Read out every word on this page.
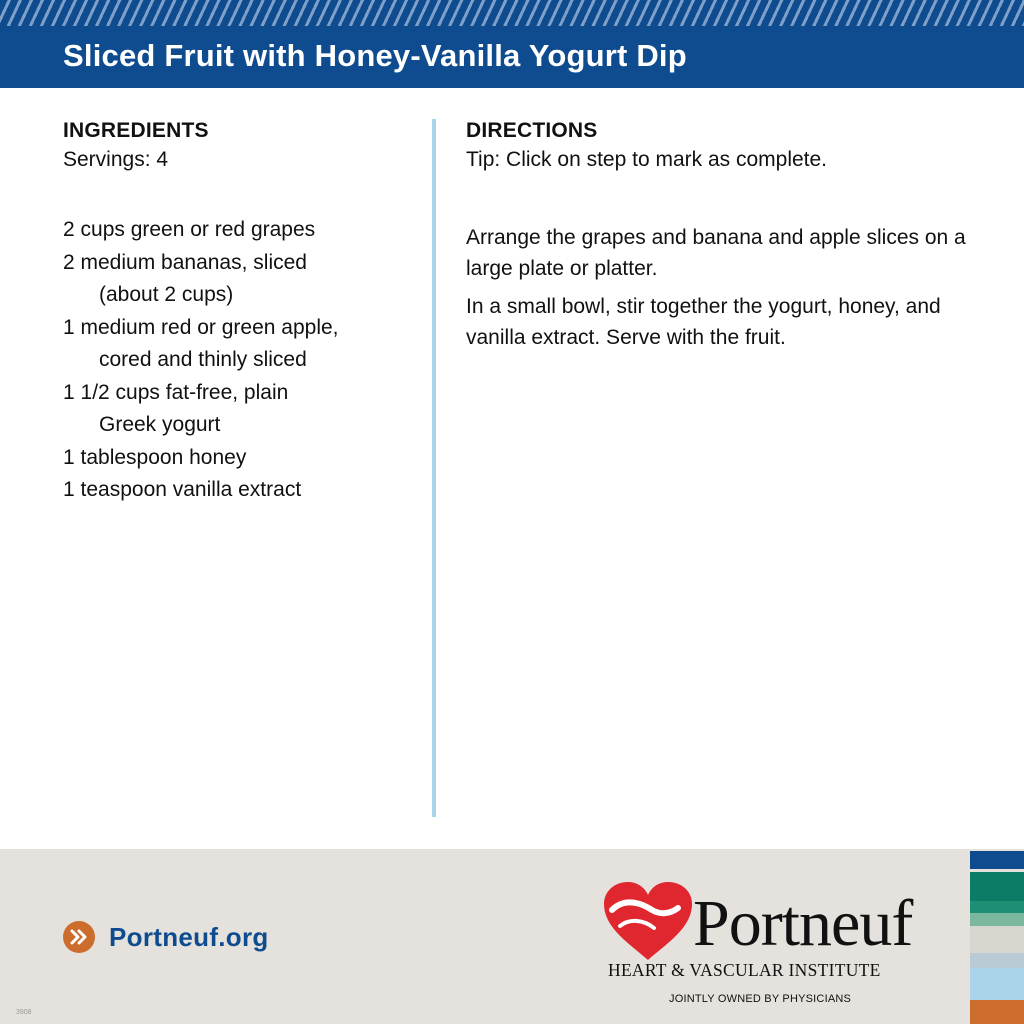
Sliced Fruit with Honey-Vanilla Yogurt Dip
INGREDIENTS
Servings: 4
2 cups green or red grapes
2 medium bananas, sliced
(about 2 cups)
1 medium red or green apple,
cored and thinly sliced
1 1/2 cups fat-free, plain
Greek yogurt
1 tablespoon honey
1 teaspoon vanilla extract
DIRECTIONS
Tip: Click on step to mark as complete.
Arrange the grapes and banana and apple slices on a large plate or platter.
In a small bowl, stir together the yogurt, honey, and vanilla extract. Serve with the fruit.
Portneuf.org	Portneuf
HEART & VASCULAR INSTITUTE
JOINTLY OWNED BY PHYSICIANS
3908
